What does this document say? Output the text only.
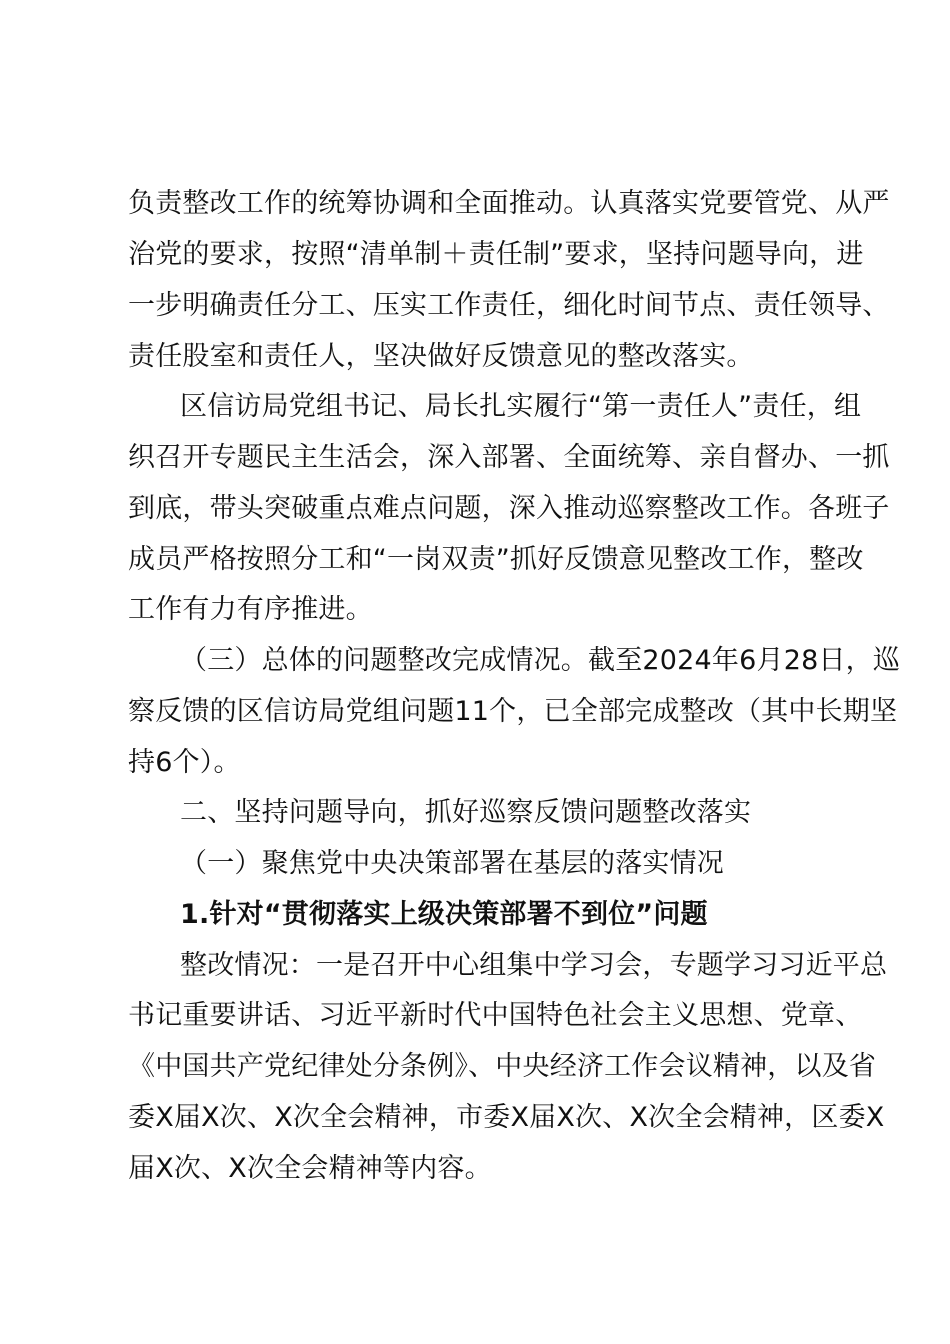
负责整改工作的统筹协调和全面推动。认真落实党要管党、从严
治党的要求，按照“清单制＋责任制”要求，坚持问题导向，进
一步明确责任分工、压实工作责任，细化时间节点、责任领导、
责任股室和责任人，坚决做好反馈意见的整改落实。
区信访局党组书记、局长扎实履行“第一责任人”责任，组
织召开专题民主生活会，深入部署、全面统筹、亲自督办、一抓
到底，带头突破重点难点问题，深入推动巡察整改工作。各班子
成员严格按照分工和“一岗双责”抓好反馈意见整改工作，整改
工作有力有序推进。
（三）总体的问题整改完成情况。截至2024年6月28日，巡
察反馈的区信访局党组问题11个，已全部完成整改（其中长期坚
持6个）。
二、坚持问题导向，抓好巡察反馈问题整改落实
（一）聚焦党中央决策部署在基层的落实情况
1.针对“贯彻落实上级决策部署不到位”问题
整改情况：一是召开中心组集中学习会，专题学习习近平总
书记重要讲话、习近平新时代中国特色社会主义思想、党章、
《中国共产党纪律处分条例》、中央经济工作会议精神，以及省
委X届X次、X次全会精神，市委X届X次、X次全会精神，区委X
届X次、X次全会精神等内容。
